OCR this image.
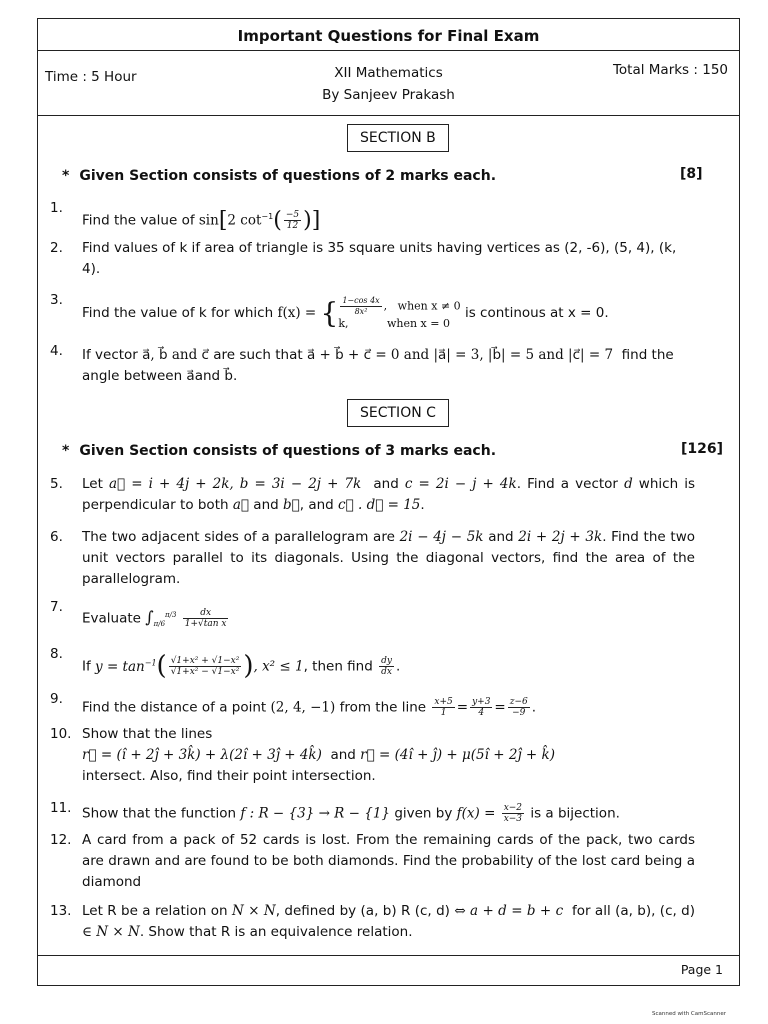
Important Questions for Final Exam
Time : 5 Hour	XII Mathematics
By Sanjeev Prakash
Total Marks : 150
SECTION B
* Given Section consists of questions of 2 marks each.	[8]
1.
Find the value of sin[2 $\cot^{-1}( \frac{-5}{12}$ )]
2. Find values of k if area of triangle is 35 square units having vertices as (2, -6), (5, 4), (k, 4).
3.
Find the value of k for which f(x) = { $\frac{1-\cos 4x}{\text{8x²}}$ ,   when x ≠ 0
k,           when x = 0 is continous at x = 0.
4. If vector a⃗, b⃗ and c⃗ are such that a⃗ + b⃗ + c⃗ = 0 and |a⃗| = 3, |b⃗| = 5 and |c⃗| = 7 find the angle between a⃗and b⃗.
SECTION C
* Given Section consists of questions of 3 marks each.	[126]
5. Let a⃗ = i + 4j + 2k, b = 3i − 2j + 7k and c = 2i − j + 4k. Find a vector d which is perpendicular to both a⃗ and b⃗, and c⃗ . d⃗ = 15.
6. The two adjacent sides of a parallelogram are 2i − 4j − 5k and 2i + 2j + 3k. Find the two unit vectors parallel to its diagonals. Using the diagonal vectors, find the area of the parallelogram.
7.
Evaluate $\int_{\pi/6}^{\pi/3} \frac{dx}{\text{1+√tan x}}$
8.
If $y = \tan^{-1}( \frac{\text{√1+x² + √1−x²}}{\text{√1+x² − √1−x²}}$ ), x² ≤ 1, then find $\frac{dy}{dx}$ .
9.
Find the distance of a point (2, 4, −1) from the line $\frac{x+5}{1} = \frac{y+3}{4} = \frac{z-6}{-9}$ .
10. Show that the lines
r⃗ = (î + 2ĵ + 3k̂) + λ(2î + 3ĵ + 4k̂) and r⃗ = (4î + ĵ) + μ(5î + 2ĵ + k̂)
intersect. Also, find their point intersection.
11. Show that the function f : R − {3} → R − {1} given by $f(x) = \frac{x-2}{x-3}$ is a bijection.
12. A card from a pack of 52 cards is lost. From the remaining cards of the pack, two cards are drawn and are found to be both diamonds. Find the probability of the lost card being a diamond
13. Let R be a relation on N × N, defined by (a, b) R (c, d) ⇔ a + d = b + c for all (a, b), (c, d) ∈ N × N. Show that R is an equivalence relation.
Page 1
Scanned with CamScanner
